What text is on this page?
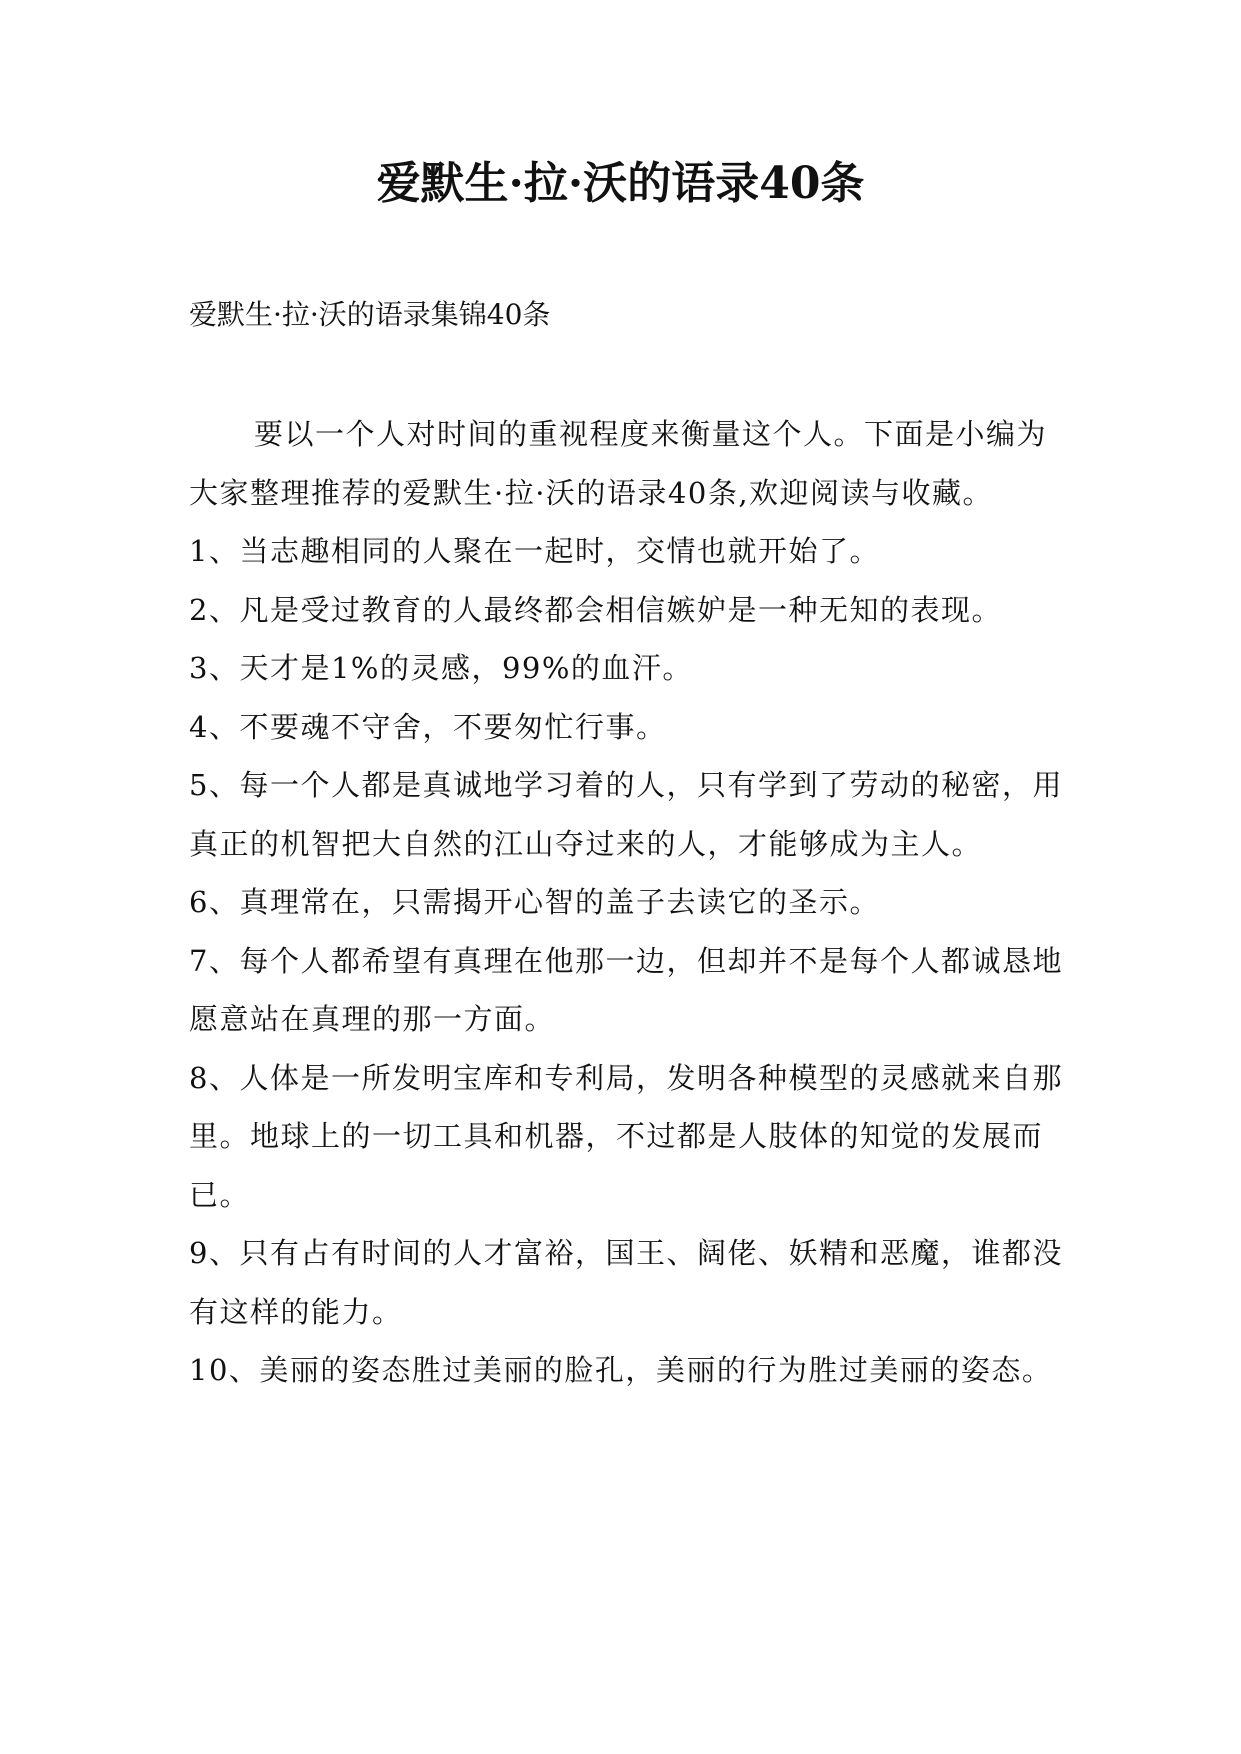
爱默生·拉·沃的语录40条

爱默生·拉·沃的语录集锦40条

要以一个人对时间的重视程度来衡量这个人。下面是小编为大家整理推荐的爱默生·拉·沃的语录40条,欢迎阅读与收藏。

1、当志趣相同的人聚在一起时，交情也就开始了。

2、凡是受过教育的人最终都会相信嫉妒是一种无知的表现。

3、天才是1%的灵感，99%的血汗。

4、不要魂不守舍，不要匆忙行事。

5、每一个人都是真诚地学习着的人，只有学到了劳动的秘密，用真正的机智把大自然的江山夺过来的人，才能够成为主人。

6、真理常在，只需揭开心智的盖子去读它的圣示。

7、每个人都希望有真理在他那一边，但却并不是每个人都诚恳地愿意站在真理的那一方面。

8、人体是一所发明宝库和专利局，发明各种模型的灵感就来自那里。地球上的一切工具和机器，不过都是人肢体的知觉的发展而已。

9、只有占有时间的人才富裕，国王、阔佬、妖精和恶魔，谁都没有这样的能力。

10、美丽的姿态胜过美丽的脸孔，美丽的行为胜过美丽的姿态。
